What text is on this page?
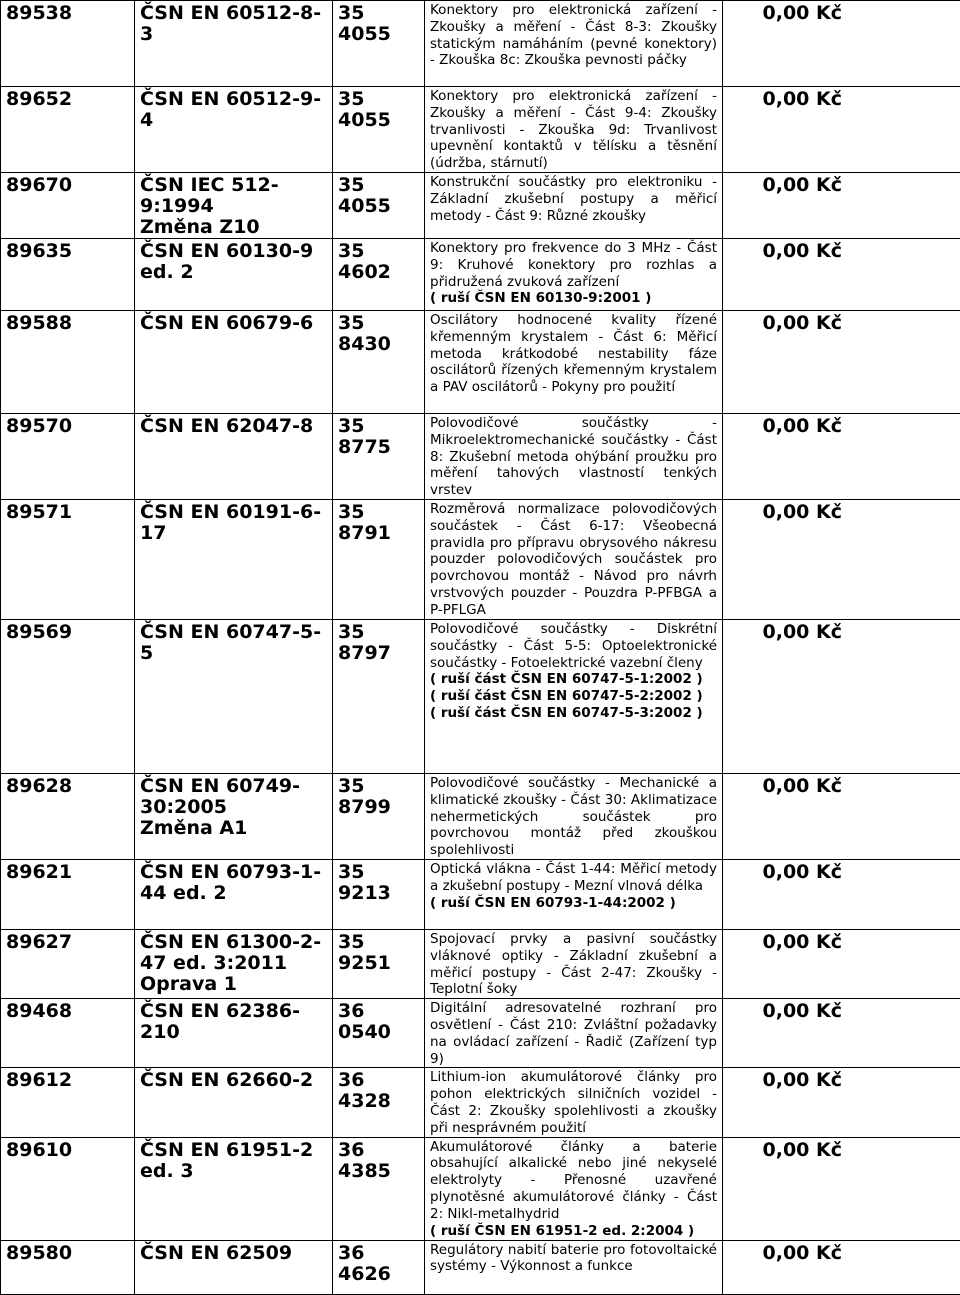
89538	ČSN EN 60512-8-
3	35 4055	Konektory pro elektronická zařízení - Zkoušky a měření - Část 8-3: Zkoušky statickým namáháním (pevné konektory) - Zkouška 8c: Zkouška pevnosti páčky	0,00 Kč
89652	ČSN EN 60512-9-
4	35 4055	Konektory pro elektronická zařízení - Zkoušky a měření - Část 9-4: Zkoušky trvanlivosti - Zkouška 9d: Trvanlivost upevnění kontaktů v tělísku a těsnění (údržba, stárnutí)	0,00 Kč
89670	ČSN IEC 512-
9:1994
Změna Z10	35 4055	Konstrukční součástky pro elektroniku - Základní zkušební postupy a měřicí metody - Část 9: Různé zkoušky	0,00 Kč
89635	ČSN EN 60130-9
ed. 2	35 4602	Konektory pro frekvence do 3 MHz - Část 9: Kruhové konektory pro rozhlas a přidružená zvuková zařízení
( ruší ČSN EN 60130-9:2001 )	0,00 Kč
89588	ČSN EN 60679-6	35 8430	Oscilátory hodnocené kvality řízené křemenným krystalem - Část 6: Měřicí metoda krátkodobé nestability fáze oscilátorů řízených křemenným krystalem a PAV oscilátorů - Pokyny pro použití	0,00 Kč
89570	ČSN EN 62047-8	35 8775	Polovodičové součástky - Mikroelektromechanické součástky - Část 8: Zkušební metoda ohýbání proužku pro měření tahových vlastností tenkých vrstev	0,00 Kč
89571	ČSN EN 60191-6-
17	35 8791	Rozměrová normalizace polovodičových součástek - Část 6-17: Všeobecná pravidla pro přípravu obrysového nákresu pouzder polovodičových součástek pro povrchovou montáž - Návod pro návrh vrstvových pouzder - Pouzdra P-PFBGA a P-PFLGA	0,00 Kč
89569	ČSN EN 60747-5-
5	35 8797	Polovodičové součástky - Diskrétní součástky - Část 5-5: Optoelektronické součástky - Fotoelektrické vazební členy
( ruší část ČSN EN 60747-5-1:2002 )
( ruší část ČSN EN 60747-5-2:2002 )
( ruší část ČSN EN 60747-5-3:2002 )	0,00 Kč
89628	ČSN EN 60749-
30:2005
Změna A1	35 8799	Polovodičové součástky - Mechanické a klimatické zkoušky - Část 30: Aklimatizace nehermetických součástek pro povrchovou montáž před zkouškou spolehlivosti	0,00 Kč
89621	ČSN EN 60793-1-
44 ed. 2	35 9213	Optická vlákna - Část 1-44: Měřicí metody a zkušební postupy - Mezní vlnová délka
( ruší ČSN EN 60793-1-44:2002 )	0,00 Kč
89627	ČSN EN 61300-2-
47 ed. 3:2011
Oprava 1	35 9251	Spojovací prvky a pasivní součástky vláknové optiky - Základní zkušební a měřicí postupy - Část 2-47: Zkoušky - Teplotní šoky	0,00 Kč
89468	ČSN EN 62386-
210	36 0540	Digitální adresovatelné rozhraní pro osvětlení - Část 210: Zvláštní požadavky na ovládací zařízení - Řadič (Zařízení typ 9)	0,00 Kč
89612	ČSN EN 62660-2	36 4328	Lithium-ion akumulátorové články pro pohon elektrických silničních vozidel - Část 2: Zkoušky spolehlivosti a zkoušky při nesprávném použití	0,00 Kč
89610	ČSN EN 61951-2
ed. 3	36 4385	Akumulátorové články a baterie obsahující alkalické nebo jiné nekyselé elektrolyty - Přenosné uzavřené plynotěsné akumulátorové články - Část 2: Nikl-metalhydrid
( ruší ČSN EN 61951-2 ed. 2:2004 )	0,00 Kč
89580	ČSN EN 62509	36 4626	Regulátory nabití baterie pro fotovoltaické systémy - Výkonnost a funkce	0,00 Kč
